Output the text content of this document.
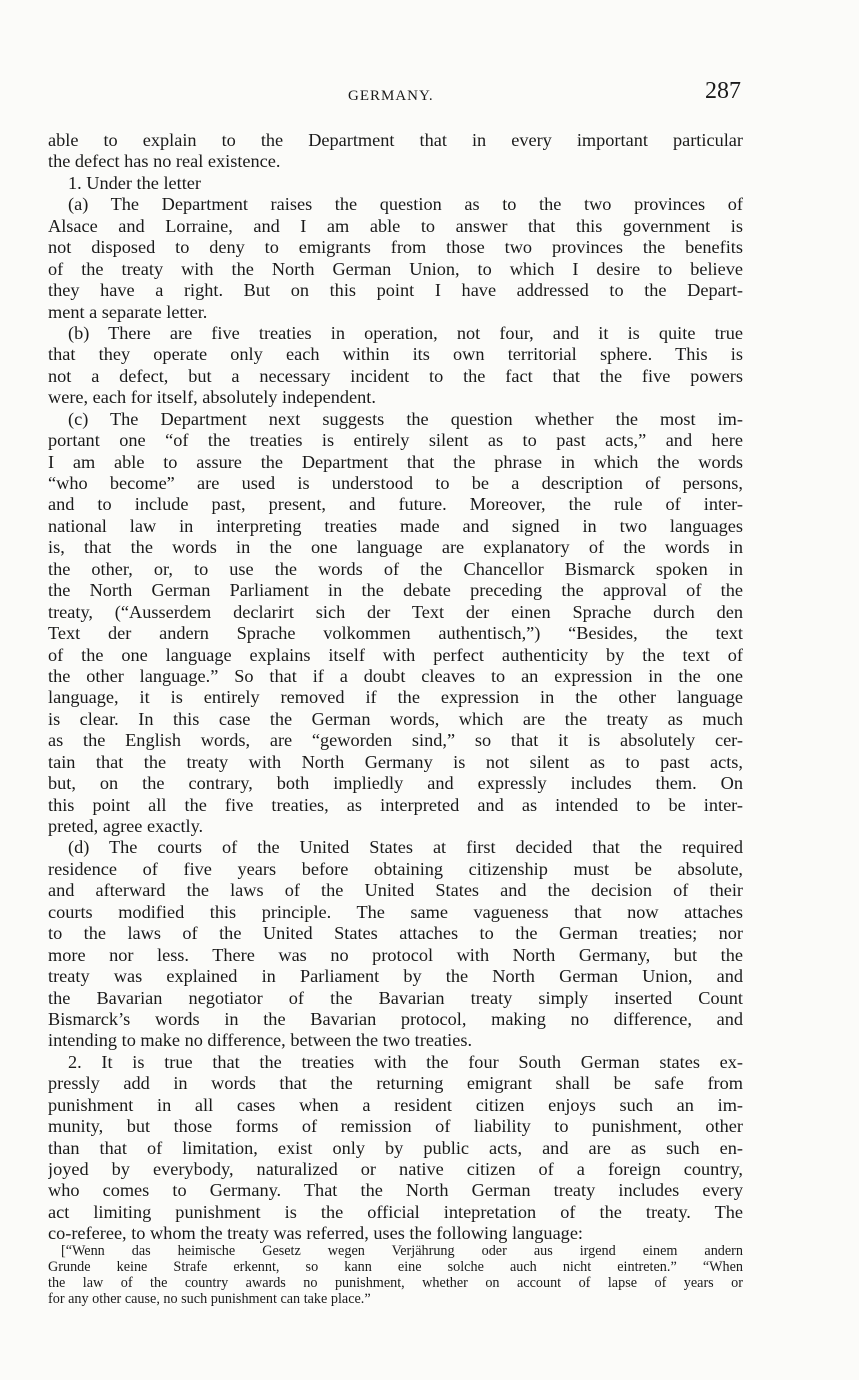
GERMANY.	287
able to explain to the Department that in every important particular
the defect has no real existence.
1. Under the letter
(a) The Department raises the question as to the two provinces of
Alsace and Lorraine, and I am able to answer that this government is
not disposed to deny to emigrants from those two provinces the benefits
of the treaty with the North German Union, to which I desire to believe
they have a right. But on this point I have addressed to the Depart-
ment a separate letter.
(b) There are five treaties in operation, not four, and it is quite true
that they operate only each within its own territorial sphere. This is
not a defect, but a necessary incident to the fact that the five powers
were, each for itself, absolutely independent.
(c) The Department next suggests the question whether the most im-
portant one “of the treaties is entirely silent as to past acts,” and here
I am able to assure the Department that the phrase in which the words
“who become” are used is understood to be a description of persons,
and to include past, present, and future. Moreover, the rule of inter-
national law in interpreting treaties made and signed in two languages
is, that the words in the one language are explanatory of the words in
the other, or, to use the words of the Chancellor Bismarck spoken in
the North German Parliament in the debate preceding the approval of the
treaty, (“Ausserdem declarirt sich der Text der einen Sprache durch den
Text der andern Sprache volkommen authentisch,”) “Besides, the text
of the one language explains itself with perfect authenticity by the text of
the other language.” So that if a doubt cleaves to an expression in the one
language, it is entirely removed if the expression in the other language
is clear. In this case the German words, which are the treaty as much
as the English words, are “geworden sind,” so that it is absolutely cer-
tain that the treaty with North Germany is not silent as to past acts,
but, on the contrary, both impliedly and expressly includes them. On
this point all the five treaties, as interpreted and as intended to be inter-
preted, agree exactly.
(d) The courts of the United States at first decided that the required
residence of five years before obtaining citizenship must be absolute,
and afterward the laws of the United States and the decision of their
courts modified this principle. The same vagueness that now attaches
to the laws of the United States attaches to the German treaties; nor
more nor less. There was no protocol with North Germany, but the
treaty was explained in Parliament by the North German Union, and
the Bavarian negotiator of the Bavarian treaty simply inserted Count
Bismarck’s words in the Bavarian protocol, making no difference, and
intending to make no difference, between the two treaties.
2. It is true that the treaties with the four South German states ex-
pressly add in words that the returning emigrant shall be safe from
punishment in all cases when a resident citizen enjoys such an im-
munity, but those forms of remission of liability to punishment, other
than that of limitation, exist only by public acts, and are as such en-
joyed by everybody, naturalized or native citizen of a foreign country,
who comes to Germany. That the North German treaty includes every
act limiting punishment is the official intepretation of the treaty. The
co-referee, to whom the treaty was referred, uses the following language:
[“Wenn das heimische Gesetz wegen Verjährung oder aus irgend einem andern
Grunde keine Strafe erkennt, so kann eine solche auch nicht eintreten.” “When
the law of the country awards no punishment, whether on account of lapse of years or
for any other cause, no such punishment can take place.”
